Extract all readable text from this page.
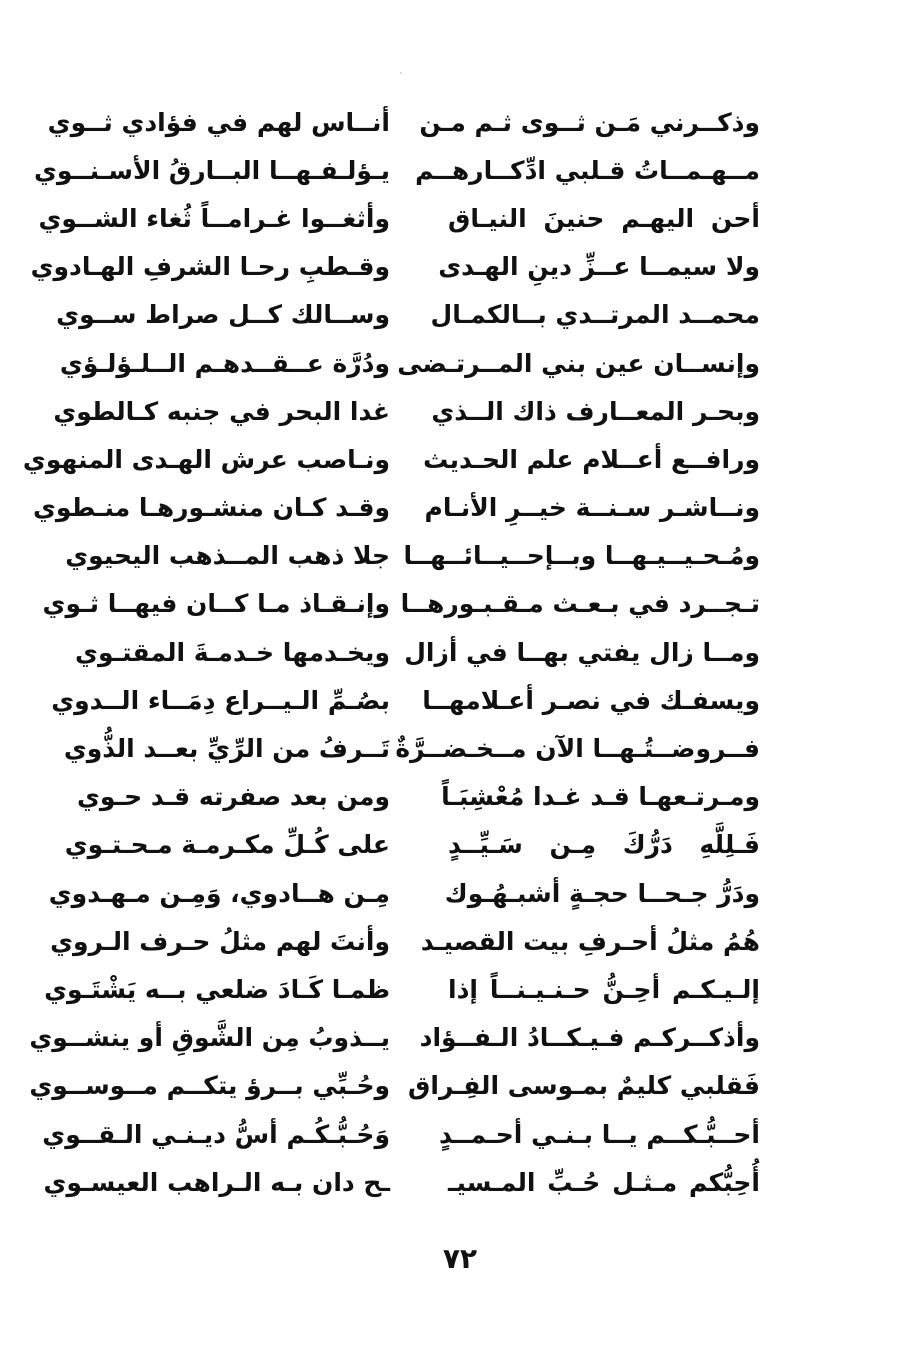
وذكــرني مَـن ثــوى ثـم مـن
أنــاس لهم في فؤادي ثــوي
مــهـمــاتُ قـلبي ادِّكــارهــم
يـؤلـفـهــا البــارقُ الأسـنــوي
أحن اليهـم حنينَ النيـاق
وأثغــوا غـرامــاً ثُغاء الشــوي
ولا سيمــا عــزِّ دينِ الهـدى
وقـطبِ رحـا الشرفِ الهـادوي
محمــد المرتــدي بــالكمـال
وســالك كــل صراط ســوي
وإنســان عين بني المــرتـضى
ودُرَّة عــقــدهـم الــلـؤلـؤي
وبحـر المعــارف ذاك الــذي
غدا البحر في جنبه كـالطوي
ورافــع أعــلام علم الحـديث
ونـاصب عرش الهـدى المنهوي
ونــاشـر سـنــة خيــرِ الأنـام
وقـد كـان منشـورهـا منـطوي
ومُـحـيــيـهــا وبــإحــيــائــهــا
جلا ذهب المــذهب اليحيوي
تـجــرد في بـعـث مـقـبـورهــا
وإنـقـاذ مـا كــان فيهــا ثـوي
ومــا زال يفتي بهــا في أزال
ويخـدمها خـدمـةَ المقتـوي
ويسفـك في نصـر أعـلامهــا
بصُـمِّ الـيــراع دِمَــاء الــدوي
فــروضــتُـهــا الآن مــخـضــرَّةٌ
تَــرفُ من الرِّيِّ بعــد الذُّوي
ومـرتـعهـا قـد غـدا مُعْشِبَـاً
ومن بعد صفرته قـد حـوي
فَـلِلَّهِ دَرُّكَ مِـن سَـيِّــدٍ
على كُـلِّ مكـرمـة مـحـتـوي
ودَرُّ جـحــا حجـةٍ أشبـهُـوك
مِـن هــادوي، وَمِـن مـهـدوي
هُمُ مثلُ أحـرفِ بيت القصيـد
وأنتَ لهم مثلُ حـرف الـروي
إلـيـكـم أحِـنُّ حـنـيـنــاً إذا
ظمـا كَـادَ ضلعي بــه يَشْتَـوي
وأذكــركـم فـيـكــادُ الـفــؤاد
يــذوبُ مِن الشَّوقِ أو ينشــوي
فَقلبي كليمٌ بمـوسى الفِـراق
وحُـبِّي بــرؤ يتكــم مــوســوي
أحــبُّـكــم يــا بـنـي أحـمــدٍ
وَحُـبُّـكُـم أسُّ ديـنـي الـقــوي
أُحِبُّكم مـثـل حُـبِّ المـسيـ
ـح دان بـه الـراهب العيسـوي
٧٢
